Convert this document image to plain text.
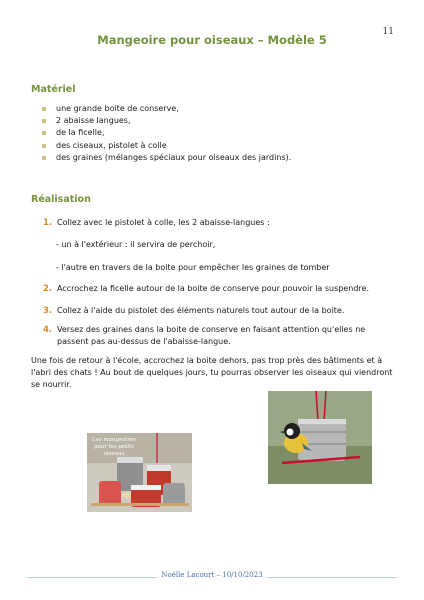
11
Mangeoire pour oiseaux – Modèle 5
Matériel
une grande boite de conserve,
2 abaisse langues,
de la ficelle,
des ciseaux, pistolet à colle
des graines (mélanges spéciaux pour oiseaux des jardins).
Réalisation
1. Collez avec le pistolet à colle, les 2 abaisse-langues :
- un à l'extérieur : il servira de perchoir,
- l'autre en travers de la boite pour empêcher les graines de tomber
2. Accrochez la ficelle autour de la boite de conserve pour pouvoir la suspendre.
3. Collez à l'aide du pistolet des éléments naturels tout autour de la boite.
4. Versez des graines dans la boite de conserve en faisant attention qu'elles ne passent pas au-dessus de l'abaisse-langue.
Une fois de retour à l'école, accrochez la boite dehors, pas trop près des bâtiments et à l'abri des chats ! Au bout de quelques jours, tu pourras observer les oiseaux qui viendront se nourrir.
Les mangeoires pour les petits oiseaux
Noëlle Lacourt – 10/10/2023
